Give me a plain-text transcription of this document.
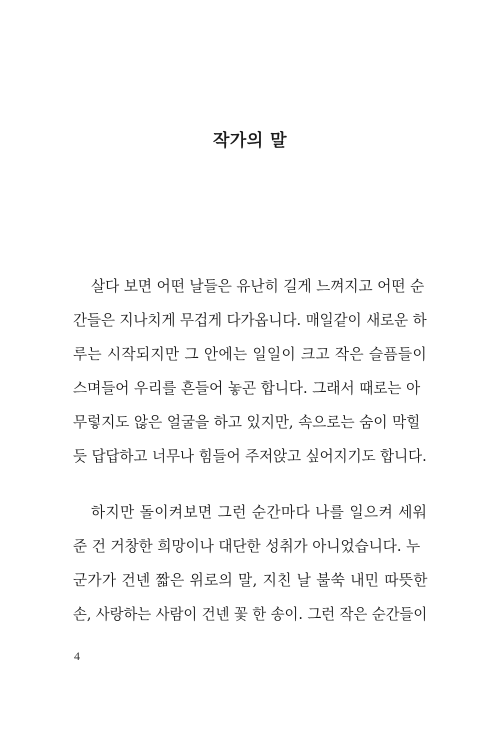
작가의 말

살다 보면 어떤 날들은 유난히 길게 느껴지고 어떤 순

간들은 지나치게 무겁게 다가옵니다. 매일같이 새로운 하

루는 시작되지만 그 안에는 일일이 크고 작은 슬픔들이

스며들어 우리를 흔들어 놓곤 합니다. 그래서 때로는 아

무렇지도 않은 얼굴을 하고 있지만, 속으로는 숨이 막힐

듯 답답하고 너무나 힘들어 주저앉고 싶어지기도 합니다.

하지만 돌이켜보면 그런 순간마다 나를 일으켜 세워

준 건 거창한 희망이나 대단한 성취가 아니었습니다. 누

군가가 건넨 짧은 위로의 말, 지친 날 불쑥 내민 따뜻한

손, 사랑하는 사람이 건넨 꽃 한 송이. 그런 작은 순간들이

4
